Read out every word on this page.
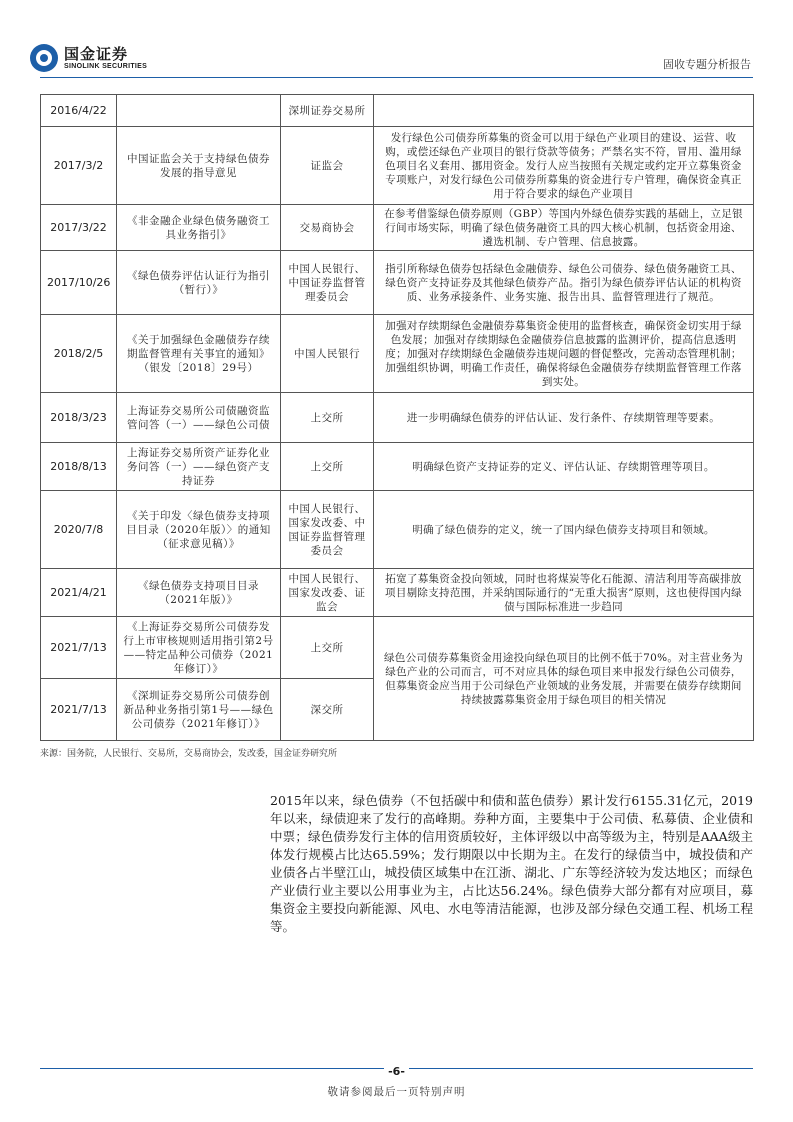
国金证券
SINOLINK SECURITIES	固收专题分析报告
2016/4/22		深圳证券交易所	
2017/3/2	中国证监会关于支持绿色债券发展的指导意见	证监会	发行绿色公司债券所募集的资金可以用于绿色产业项目的建设、运营、收购，或偿还绿色产业项目的银行贷款等债务；严禁名实不符，冒用、滥用绿色项目名义套用、挪用资金。发行人应当按照有关规定或约定开立募集资金专项账户，对发行绿色公司债券所募集的资金进行专户管理，确保资金真正用于符合要求的绿色产业项目
2017/3/22	《非金融企业绿色债务融资工具业务指引》	交易商协会	在参考借鉴绿色债券原则（GBP）等国内外绿色债券实践的基础上，立足银行间市场实际，明确了绿色债务融资工具的四大核心机制，包括资金用途、遴选机制、专户管理、信息披露。
2017/10/26	《绿色债券评估认证行为指引（暂行）》	中国人民银行、中国证券监督管理委员会	指引所称绿色债券包括绿色金融债券、绿色公司债券、绿色债务融资工具、绿色资产支持证券及其他绿色债券产品。指引为绿色债券评估认证的机构资质、业务承接条件、业务实施、报告出具、监督管理进行了规范。
2018/2/5	《关于加强绿色金融债券存续期监督管理有关事宜的通知》（银发〔2018〕29号）	中国人民银行	加强对存续期绿色金融债券募集资金使用的监督核查，确保资金切实用于绿色发展；加强对存续期绿色金融债券信息披露的监测评价，提高信息透明度；加强对存续期绿色金融债券违规问题的督促整改，完善动态管理机制；加强组织协调，明确工作责任，确保将绿色金融债券存续期监督管理工作落到实处。
2018/3/23	上海证券交易所公司债融资监管问答（一）——绿色公司债	上交所	进一步明确绿色债券的评估认证、发行条件、存续期管理等要素。
2018/8/13	上海证券交易所资产证券化业务问答（一）——绿色资产支持证券	上交所	明确绿色资产支持证券的定义、评估认证、存续期管理等项目。
2020/7/8	《关于印发〈绿色债券支持项目目录（2020年版）〉的通知（征求意见稿）》	中国人民银行、国家发改委、中国证券监督管理委员会	明确了绿色债券的定义，统一了国内绿色债券支持项目和领域。
2021/4/21	《绿色债券支持项目目录（2021年版）》	中国人民银行、国家发改委、证监会	拓宽了募集资金投向领域，同时也将煤炭等化石能源、清洁利用等高碳排放项目剔除支持范围，并采纳国际通行的“无重大损害”原则，这也使得国内绿债与国际标准进一步趋同
2021/7/13	《上海证券交易所公司债券发行上市审核规则适用指引第2号——特定品种公司债券（2021年修订）》	上交所	绿色公司债券募集资金用途投向绿色项目的比例不低于70%。对主营业务为绿色产业的公司而言，可不对应具体的绿色项目来申报发行绿色公司债券，但募集资金应当用于公司绿色产业领域的业务发展，并需要在债券存续期间持续披露募集资金用于绿色项目的相关情况
2021/7/13	《深圳证券交易所公司债券创新品种业务指引第1号——绿色公司债券（2021年修订）》	深交所	
来源：国务院，人民银行、交易所，交易商协会，发改委，国金证券研究所

2015年以来，绿色债券（不包括碳中和债和蓝色债券）累计发行6155.31亿元，2019年以来，绿债迎来了发行的高峰期。券种方面，主要集中于公司债、私募债、企业债和中票；绿色债券发行主体的信用资质较好，主体评级以中高等级为主，特别是AAA级主体发行规模占比达65.59%；发行期限以中长期为主。在发行的绿债当中，城投债和产业债各占半壁江山，城投债区域集中在江浙、湖北、广东等经济较为发达地区；而绿色产业债行业主要以公用事业为主，占比达56.24%。绿色债券大部分都有对应项目，募集资金主要投向新能源、风电、水电等清洁能源，也涉及部分绿色交通工程、机场工程等。

-6-
敬请参阅最后一页特别声明
